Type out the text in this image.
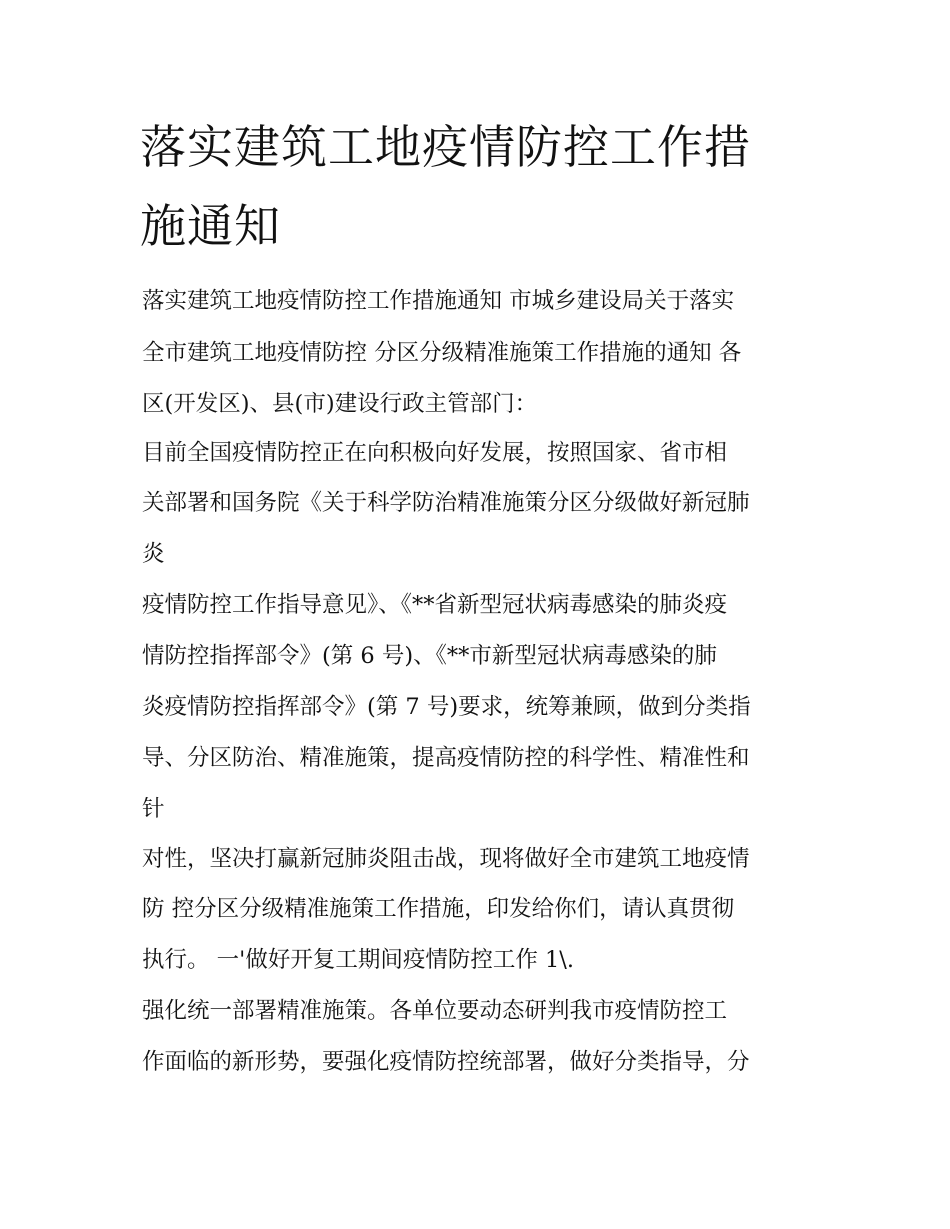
落实建筑工地疫情防控工作措
施通知
落实建筑工地疫情防控工作措施通知 市城乡建设局关于落实
全市建筑工地疫情防控 分区分级精准施策工作措施的通知 各
区(开发区)、县(市)建设行政主管部门：
目前全国疫情防控正在向积极向好发展，按照国家、省市相
关部署和国务院《关于科学防治精准施策分区分级做好新冠肺
炎
疫情防控工作指导意见》、《**省新型冠状病毒感染的肺炎疫
情防控指挥部令》(第 6 号)、《**市新型冠状病毒感染的肺
炎疫情防控指挥部令》(第 7 号)要求，统筹兼顾，做到分类指
导、分区防治、精准施策，提高疫情防控的科学性、精准性和
针
对性，坚决打赢新冠肺炎阻击战，现将做好全市建筑工地疫情
防 控分区分级精准施策工作措施，印发给你们，请认真贯彻
执行。 一'做好开复工期间疫情防控工作 1\.
强化统一部署精准施策。各单位要动态研判我市疫情防控工
作面临的新形势，要强化疫情防控统部署，做好分类指导，分
